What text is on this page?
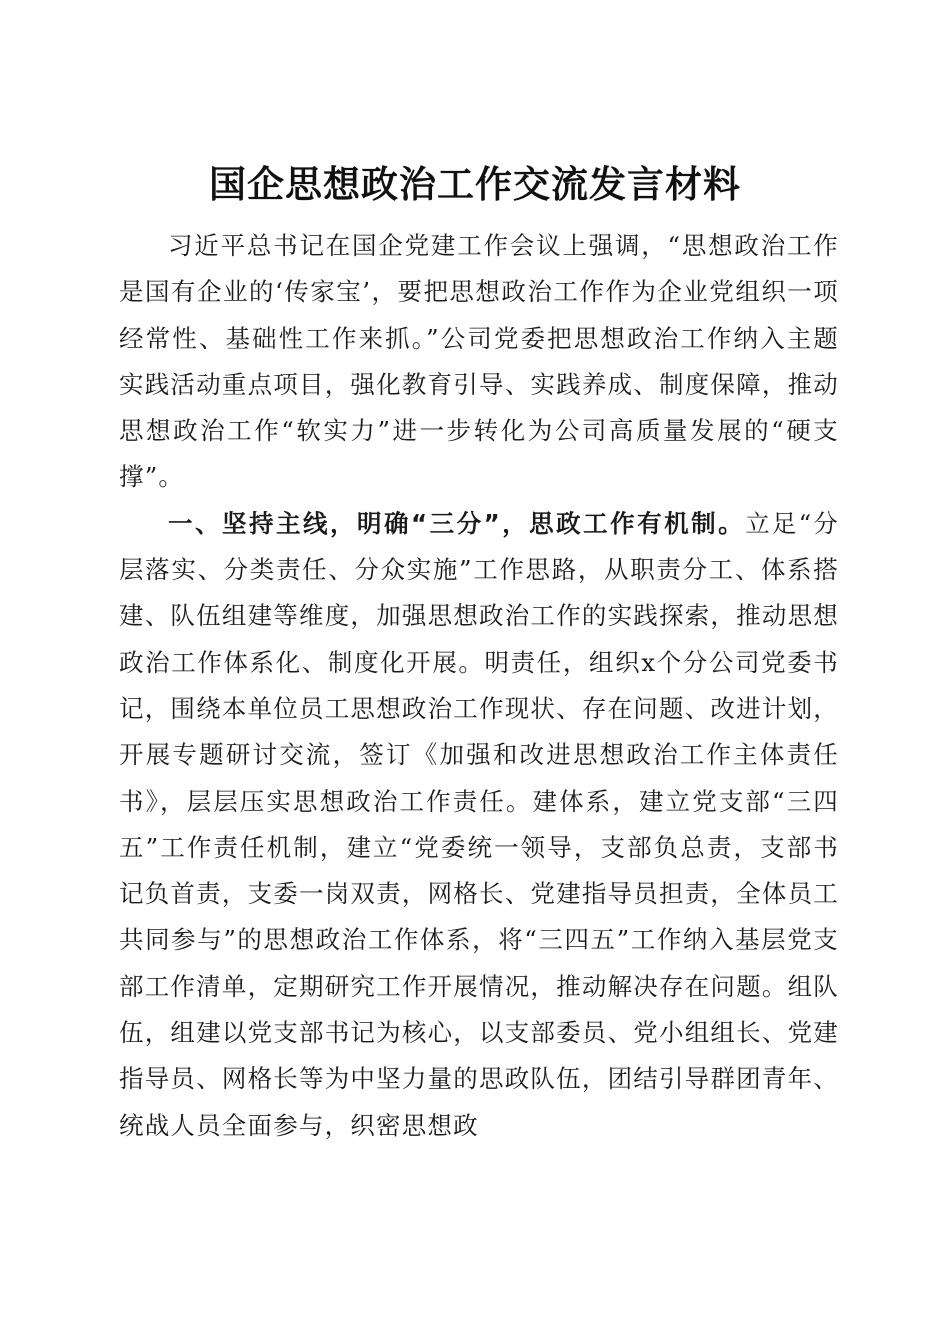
国企思想政治工作交流发言材料

习近平总书记在国企党建工作会议上强调，“思想政治工作是国有企业的‘传家宝’，要把思想政治工作作为企业党组织一项经常性、基础性工作来抓。”公司党委把思想政治工作纳入主题实践活动重点项目，强化教育引导、实践养成、制度保障，推动思想政治工作“软实力”进一步转化为公司高质量发展的“硬支撑”。

一、坚持主线，明确“三分”，思政工作有机制。立足“分层落实、分类责任、分众实施”工作思路，从职责分工、体系搭建、队伍组建等维度，加强思想政治工作的实践探索，推动思想政治工作体系化、制度化开展。明责任，组织x个分公司党委书记，围绕本单位员工思想政治工作现状、存在问题、改进计划，开展专题研讨交流，签订《加强和改进思想政治工作主体责任书》，层层压实思想政治工作责任。建体系，建立党支部“三四五”工作责任机制，建立“党委统一领导，支部负总责，支部书记负首责，支委一岗双责，网格长、党建指导员担责，全体员工共同参与”的思想政治工作体系，将“三四五”工作纳入基层党支部工作清单，定期研究工作开展情况，推动解决存在问题。组队伍，组建以党支部书记为核心，以支部委员、党小组组长、党建指导员、网格长等为中坚力量的思政队伍，团结引导群团青年、统战人员全面参与，织密思想政
